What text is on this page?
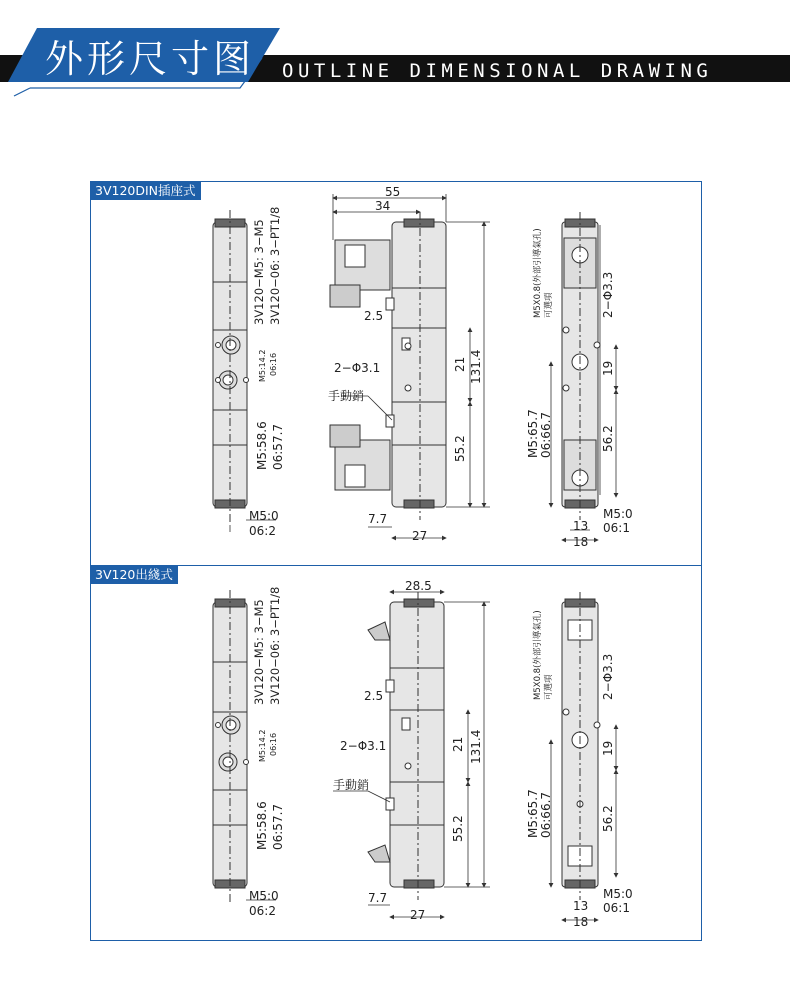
外形尺寸图 OUTLINE DIMENSIONAL DRAWING
55
34
2.5
2−Φ3.1
手動銷
7.7
27
21 131.4
55.2
3V120−M5: 3−M5 3V120−06: 3−PT1/8
M5:14.2 06:16
M5:58.6 06:57.7
M5:0
06:2
M5X0.8(外部引導氣孔) 可選項	2−Φ3.3
19
56.2
M5:65.7 06:66.7
13
18
M5:0
06:1
28.5
2.5
2−Φ3.1
手動銷
7.7
27
21 131.4
55.2
3V120−M5: 3−M5 3V120−06: 3−PT1/8
M5:14.2 06:16
M5:58.6 06:57.7
M5:0
06:2
M5X0.8(外部引導氣孔) 可選項	2−Φ3.3
19
56.2
M5:65.7 06:66.7
13
18
M5:0
06:1
3V120DIN插座式
3V120出綫式
